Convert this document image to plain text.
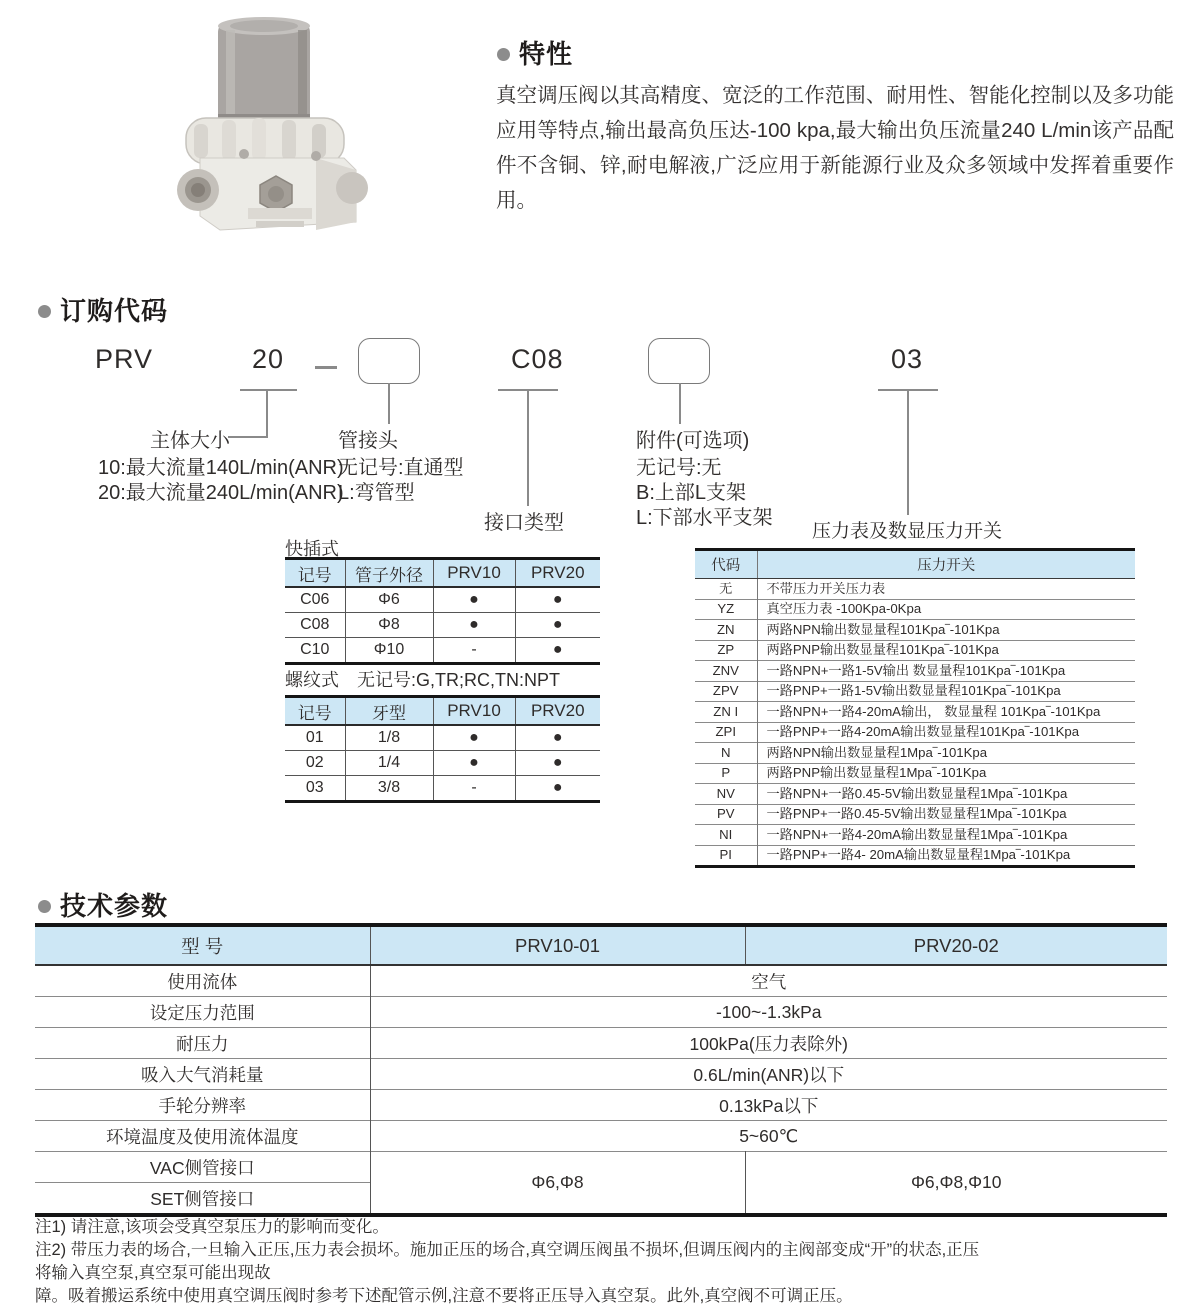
特性
真空调压阀以其高精度、宽泛的工作范围、耐用性、智能化控制以及多功能应用等特点,输出最高负压达-100 kpa,最大输出负压流量240 L/min该产品配件不含铜、锌,耐电解液,广泛应用于新能源行业及众多领域中发挥着重要作用。
订购代码
PRV	20	C08	03
主体大小
10:最大流量140L/min(ANR)
20:最大流量240L/min(ANR)
管接头
无记号:直通型
L:弯管型
附件(可选项)
无记号:无
B:上部L支架
L:下部水平支架
接口类型	压力表及数显压力开关
快插式
记号	管子外径	PRV10	PRV20
C06	Φ6	●	●
C08	Φ8	●	●
C10	Φ10	-	●
螺纹式 无记号:G,TR;RC,TN:NPT
记号	牙型	PRV10	PRV20
01	1/8	●	●
02	1/4	●	●
03	3/8	-	●
代码	压力开关
无	不带压力开关压力表
YZ	真空压力表 -100Kpa-0Kpa
ZN	两路NPN输出数显量程101Kpa‾-101Kpa
ZP	两路PNP输出数显量程101Kpa‾-101Kpa
ZNV	一路NPN+一路1-5V输出 数显量程101Kpa‾-101Kpa
ZPV	一路PNP+一路1-5V输出数显量程101Kpa‾-101Kpa
ZN I	一路NPN+一路4-20mA输出， 数显量程 101Kpa‾-101Kpa
ZPI	一路PNP+一路4-20mA输出数显量程101Kpa‾-101Kpa
N	两路NPN输出数显量程1Mpa‾-101Kpa
P	两路PNP输出数显量程1Mpa‾-101Kpa
NV	一路NPN+一路0.45-5V输出数显量程1Mpa‾-101Kpa
PV	一路PNP+一路0.45-5V输出数显量程1Mpa‾-101Kpa
NI	一路NPN+一路4-20mA输出数显量程1Mpa‾-101Kpa
PI	一路PNP+一路4- 20mA输出数显量程1Mpa‾-101Kpa
技术参数
型 号	PRV10-01	PRV20-02
使用流体	空气	
设定压力范围	-100~-1.3kPa	
耐压力	100kPa(压力表除外)	
吸入大气消耗量	0.6L/min(ANR)以下	
手轮分辨率	0.13kPa以下	
环境温度及使用流体温度	5~60℃	
VAC侧管接口	Φ6,Φ8	Φ6,Φ8,Φ10
SET侧管接口		
注1) 请注意,该项会受真空泵压力的影响而变化。
注2) 带压力表的场合,一旦输入正压,压力表会损坏。施加正压的场合,真空调压阀虽不损坏,但调压阀内的主阀部变成“开”的状态,正压
将输入真空泵,真空泵可能出现故
障。吸着搬运系统中使用真空调压阀时参考下述配管示例,注意不要将正压导入真空泵。此外,真空阀不可调正压。
